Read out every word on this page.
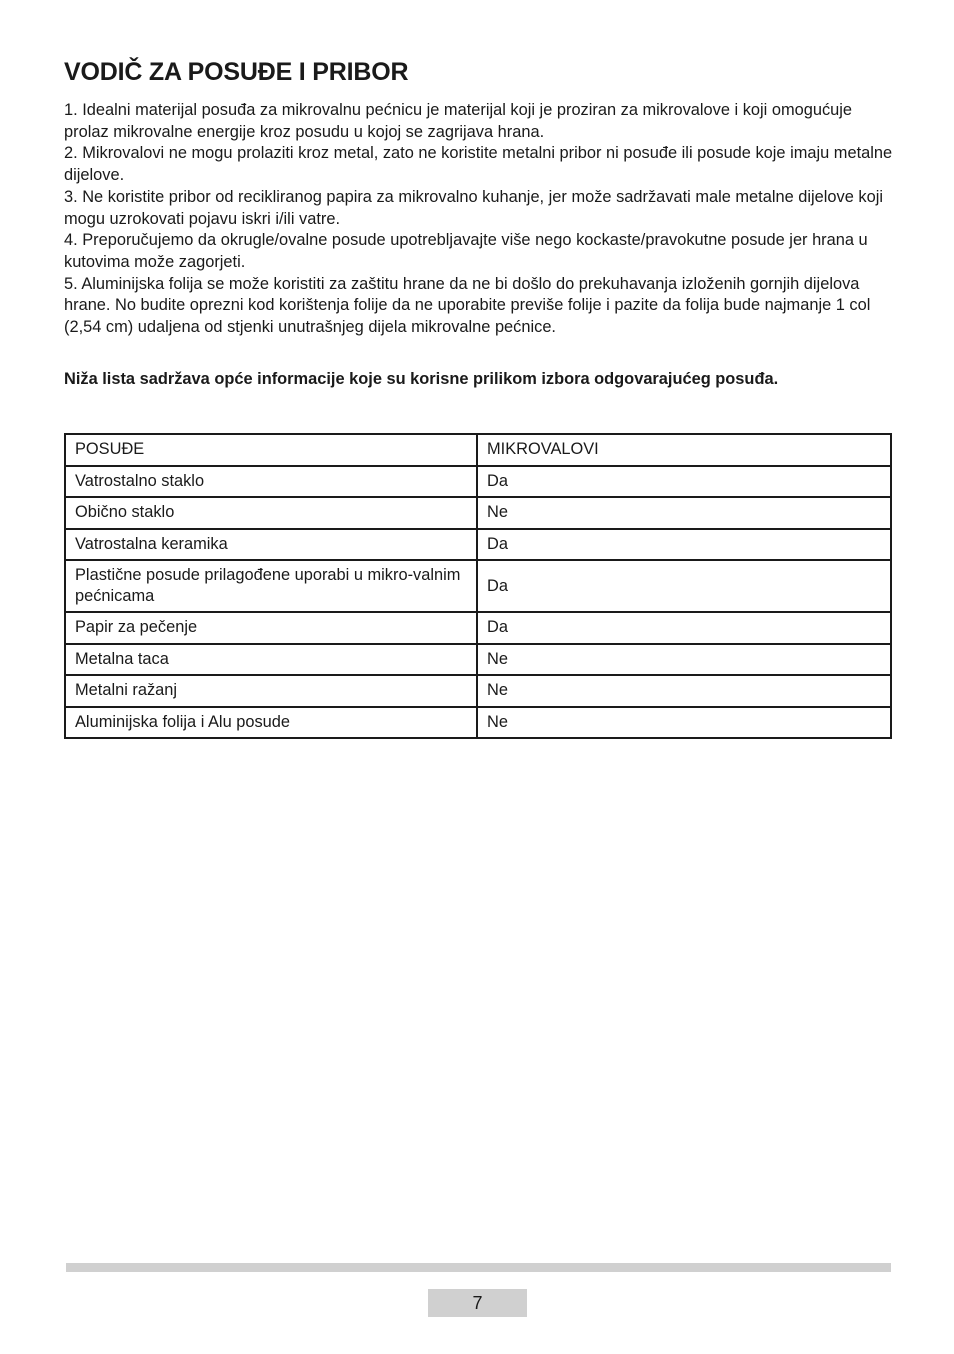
VODIČ ZA POSUĐE I PRIBOR

1. Idealni materijal posuđa za mikrovalnu pećnicu je materijal koji je proziran za mikrovalove i koji omogućuje prolaz mikrovalne energije kroz posudu u kojoj se zagrijava hrana.

2. Mikrovalovi ne mogu prolaziti kroz metal, zato ne koristite metalni pribor ni posuđe ili posude koje imaju metalne dijelove.

3. Ne koristite pribor od recikliranog papira za mikrovalno kuhanje, jer može sadržavati male metalne dijelove koji mogu uzrokovati pojavu iskri i/ili vatre.

4. Preporučujemo da okrugle/ovalne posude upotrebljavajte više nego kockaste/pravokutne posude jer hrana u kutovima može zagorjeti.

5. Aluminijska folija se može koristiti za zaštitu hrane da ne bi došlo do prekuhavanja izloženih gornjih dijelova hrane. No budite oprezni kod korištenja folije da ne uporabite previše folije i pazite da folija bude najmanje 1 col (2,54 cm) udaljena od stjenki unutrašnjeg dijela mikrovalne pećnice.

Niža lista sadržava opće informacije koje su korisne prilikom izbora odgovarajućeg posuđa.

POSUĐE	MIKROVALOVI
Vatrostalno staklo	Da
Obično staklo	Ne
Vatrostalna keramika	Da
Plastične posude prilagođene uporabi u mikro-valnim pećnicama	Da
Papir za pečenje	Da
Metalna taca	Ne
Metalni ražanj	Ne
Aluminijska folija i Alu posude	Ne
7
